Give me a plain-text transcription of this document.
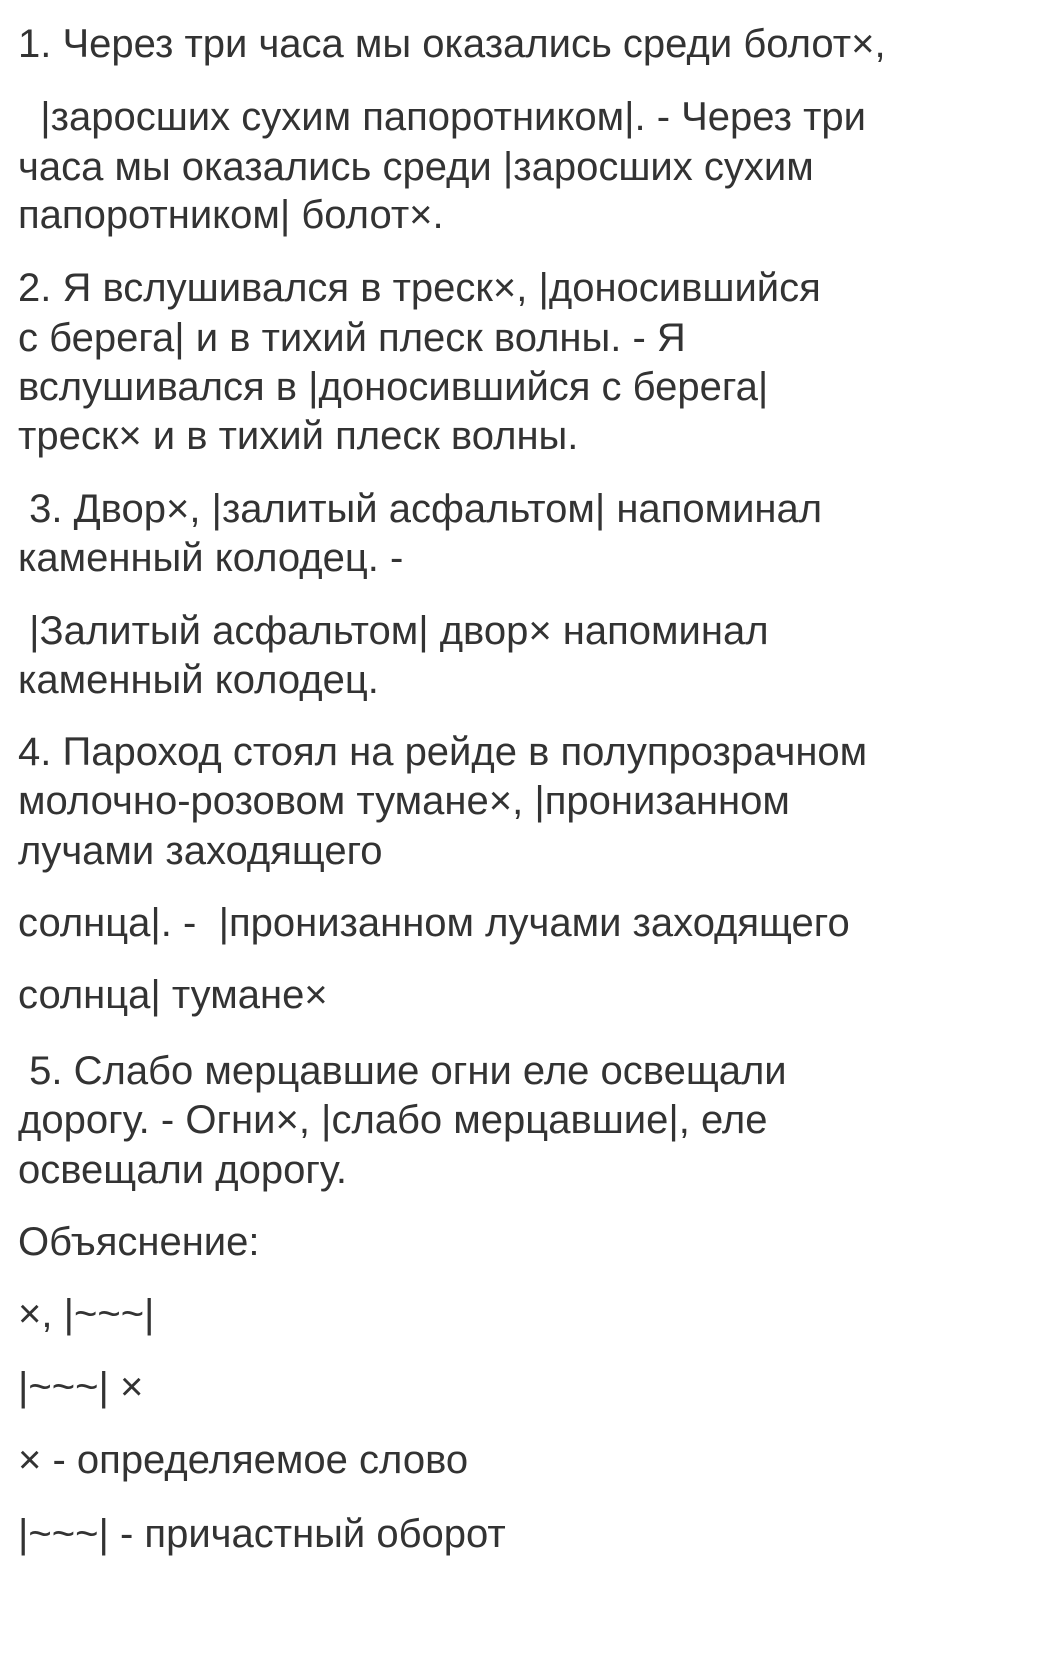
1. Через три часа мы оказались среди болот×,
|заросших сухим папоротником|. - Через три
часа мы оказались среди |заросших сухим
папоротником| болот×.
2. Я вслушивался в треск×, |доносившийся
с берега| и в тихий плеск волны. - Я
вслушивался в |доносившийся с берега|
треск× и в тихий плеск волны.
3. Двор×, |залитый асфальтом| напоминал
каменный колодец. -
|Залитый асфальтом| двор× напоминал
каменный колодец.
4. Пароход стоял на рейде в полупрозрачном
молочно-розовом тумане×, |пронизанном
лучами заходящего
солнца|. -  |пронизанном лучами заходящего
солнца| тумане×
5. Слабо мерцавшие огни еле освещали
дорогу. - Огни×, |слабо мерцавшие|, еле
освещали дорогу.
Объяснение:
×, |~~~|
|~~~| ×
× - определяемое слово
|~~~| - причастный оборот
